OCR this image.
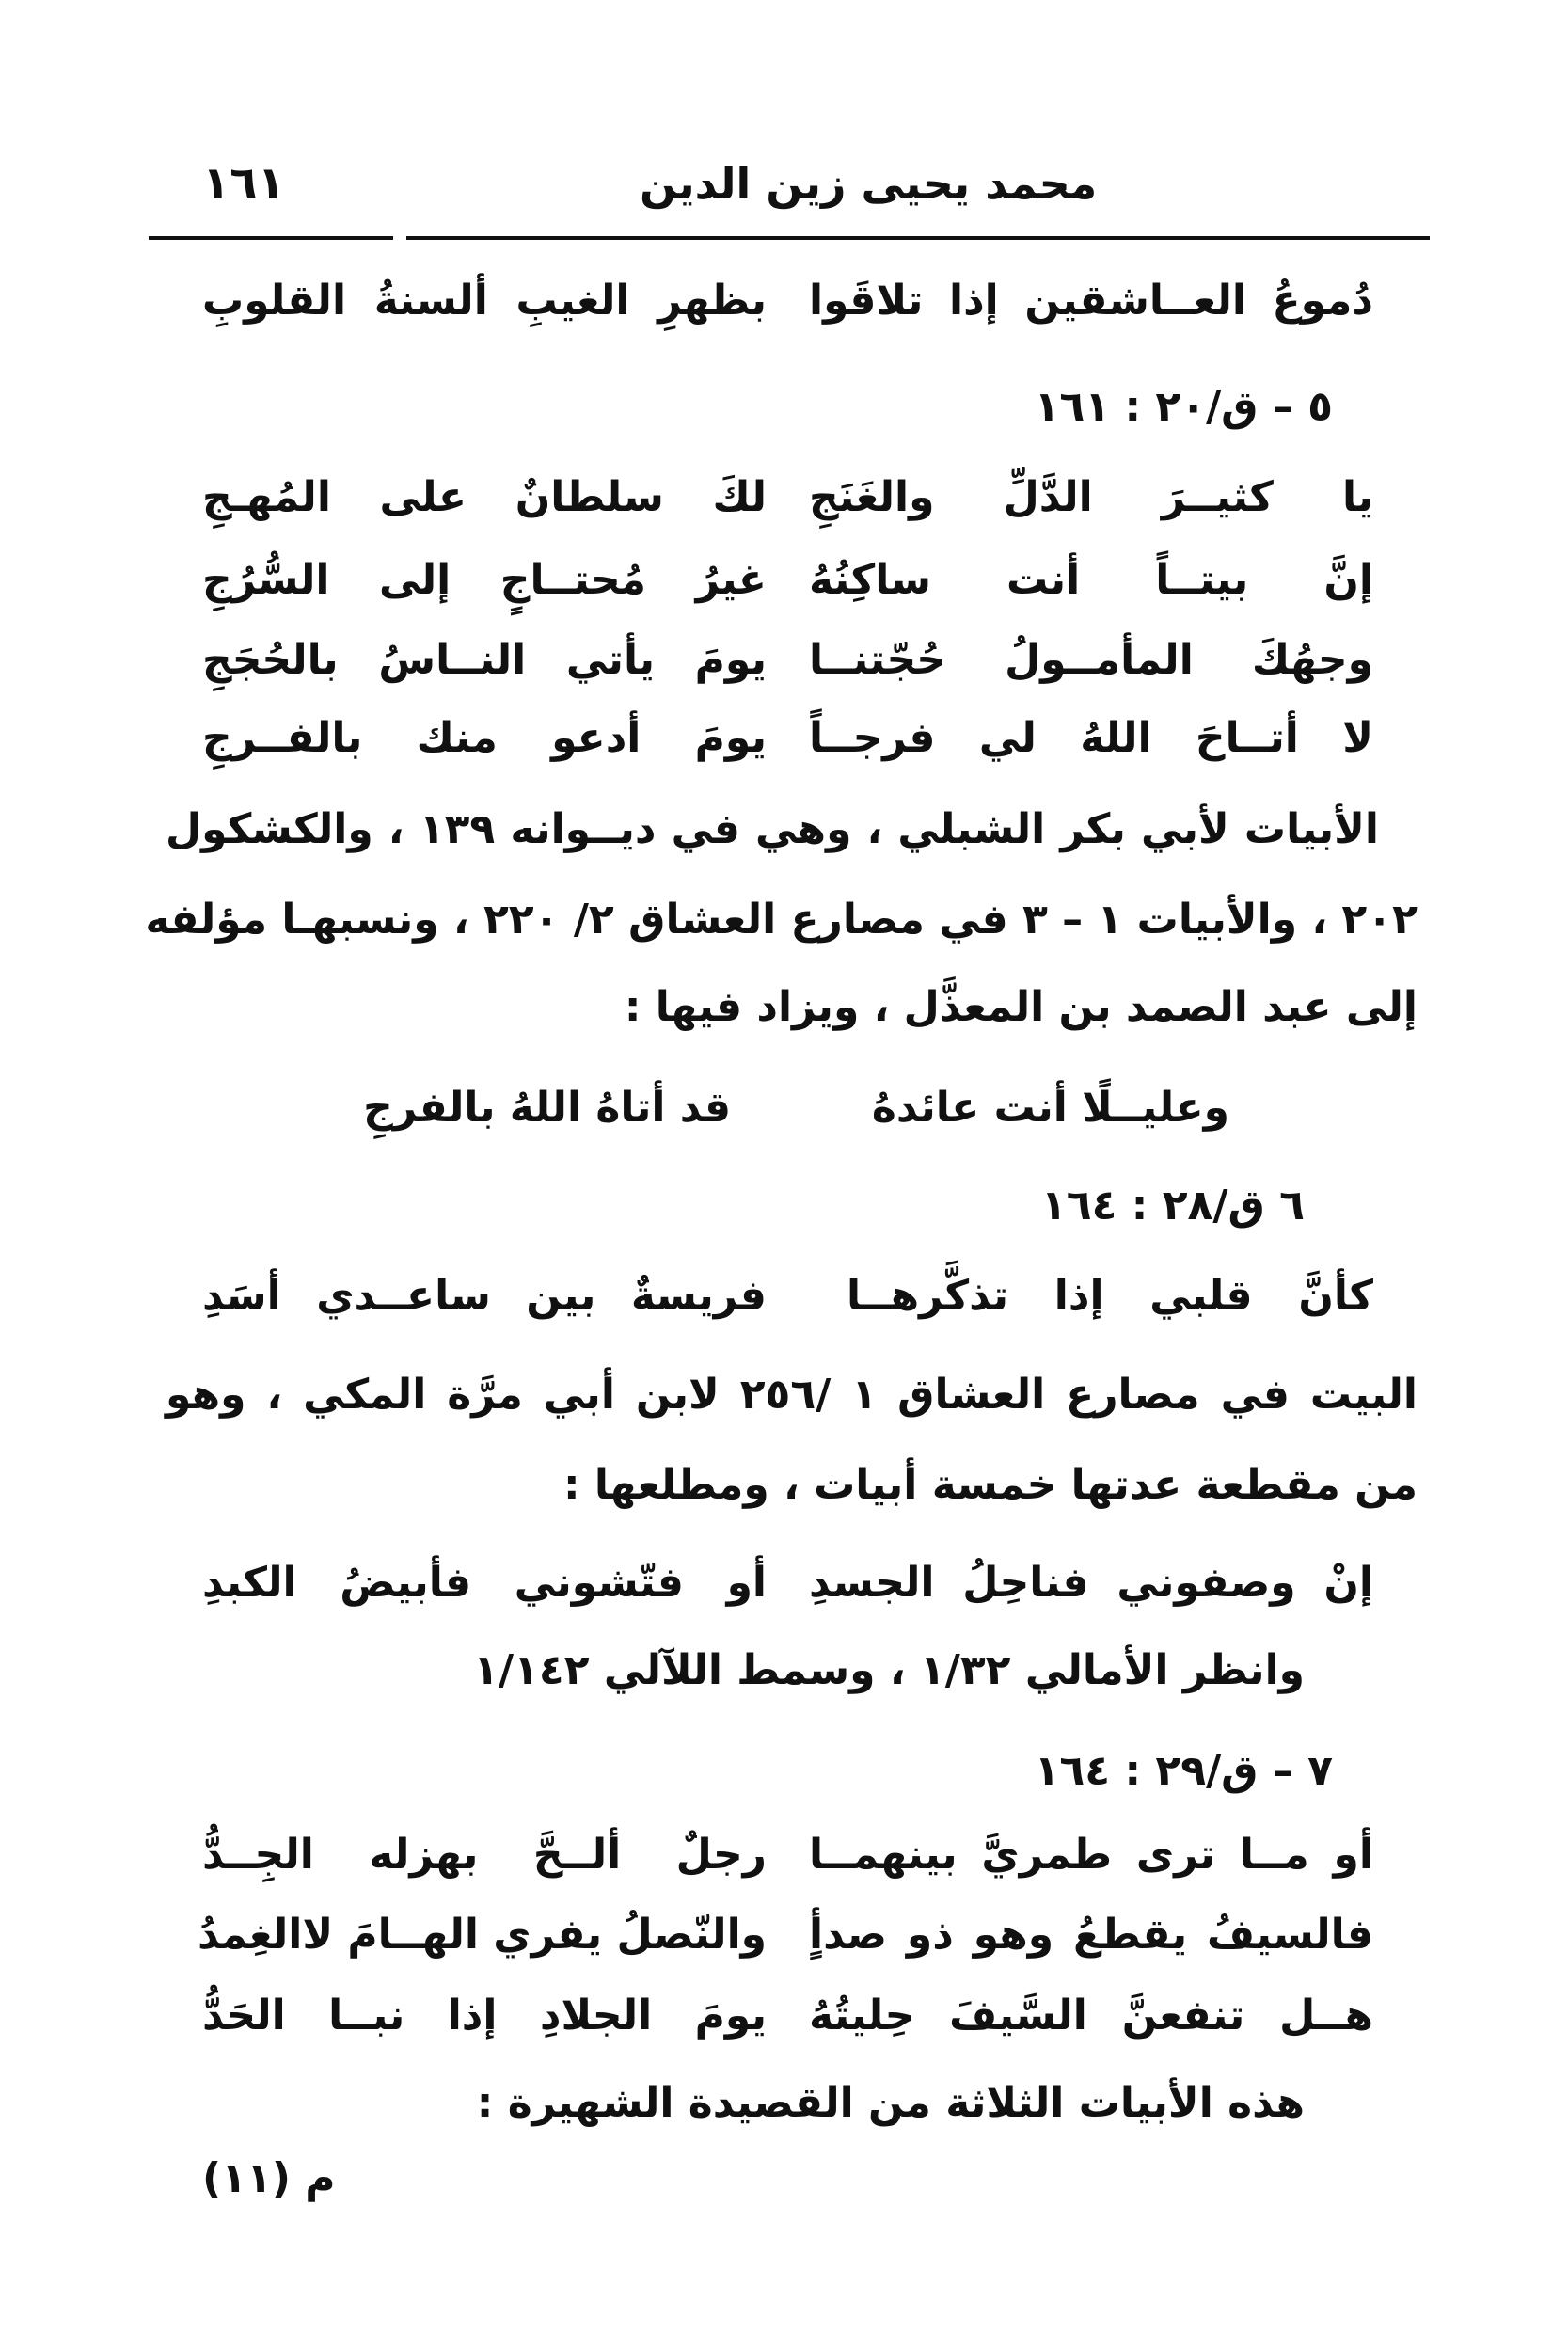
١٦١	محمد يحيى زين الدين
دُموعُ العــاشقين إذا تلاقَوا
بظهرِ الغيبِ ألسنةُ القلوبِ
٥ – ق/٢٠ : ١٦١
يا كثيــرَ الدَّلِّ والغَنَجِ
لكَ سلطانٌ على المُهـجِ
إنَّ بيتــاً أنت ساكِنُهُ
غيرُ مُحتــاجٍ إلى السُّرُجِ
وجهُكَ المأمــولُ حُجّتنــا
يومَ يأتي النــاسُ بالحُجَجِ
لا أتــاحَ اللهُ لي فرجــاً
يومَ أدعو منك بالفــرجِ
الأبيات لأبي بكر الشبلي ، وهي في ديــوانه ١٣٩ ، والكشكول
٢٠٢ ، والأبيات ١ – ٣ في مصارع العشاق ٢/ ٢٢٠ ، ونسبهـا مؤلفه
إلى عبد الصمد بن المعذَّل ، ويزاد فيها :
وعليــلًا أنت عائدهُ
قد أتاهُ اللهُ بالفرجِ
٦ ق/٢٨ : ١٦٤
كأنَّ قلبي إذا تذكَّرهــا
فريسةٌ بين ساعــدي أسَدِ
البيت في مصارع العشاق ١ /٢٥٦ لابن أبي مرَّة المكي ، وهو
من مقطعة عدتها خمسة أبيات ، ومطلعها :
إنْ وصفوني فناحِلُ الجسدِ
أو فتّشوني فأبيضُ الكبدِ
وانظر الأمالي ١/٣٢ ، وسمط اللآلي ١/١٤٢
٧ – ق/٢٩ : ١٦٤
أو مــا ترى طمريَّ بينهمــا
رجلٌ ألــحَّ بهزله الجِــدُّ
فالسيفُ يقطعُ وهو ذو صدأٍ
والنّصلُ يفري الهــامَ لاالغِمدُ
هــل تنفعنَّ السَّيفَ حِليتُهُ
يومَ الجلادِ إذا نبــا الحَدُّ
هذه الأبيات الثلاثة من القصيدة الشهيرة :
م (١١)
